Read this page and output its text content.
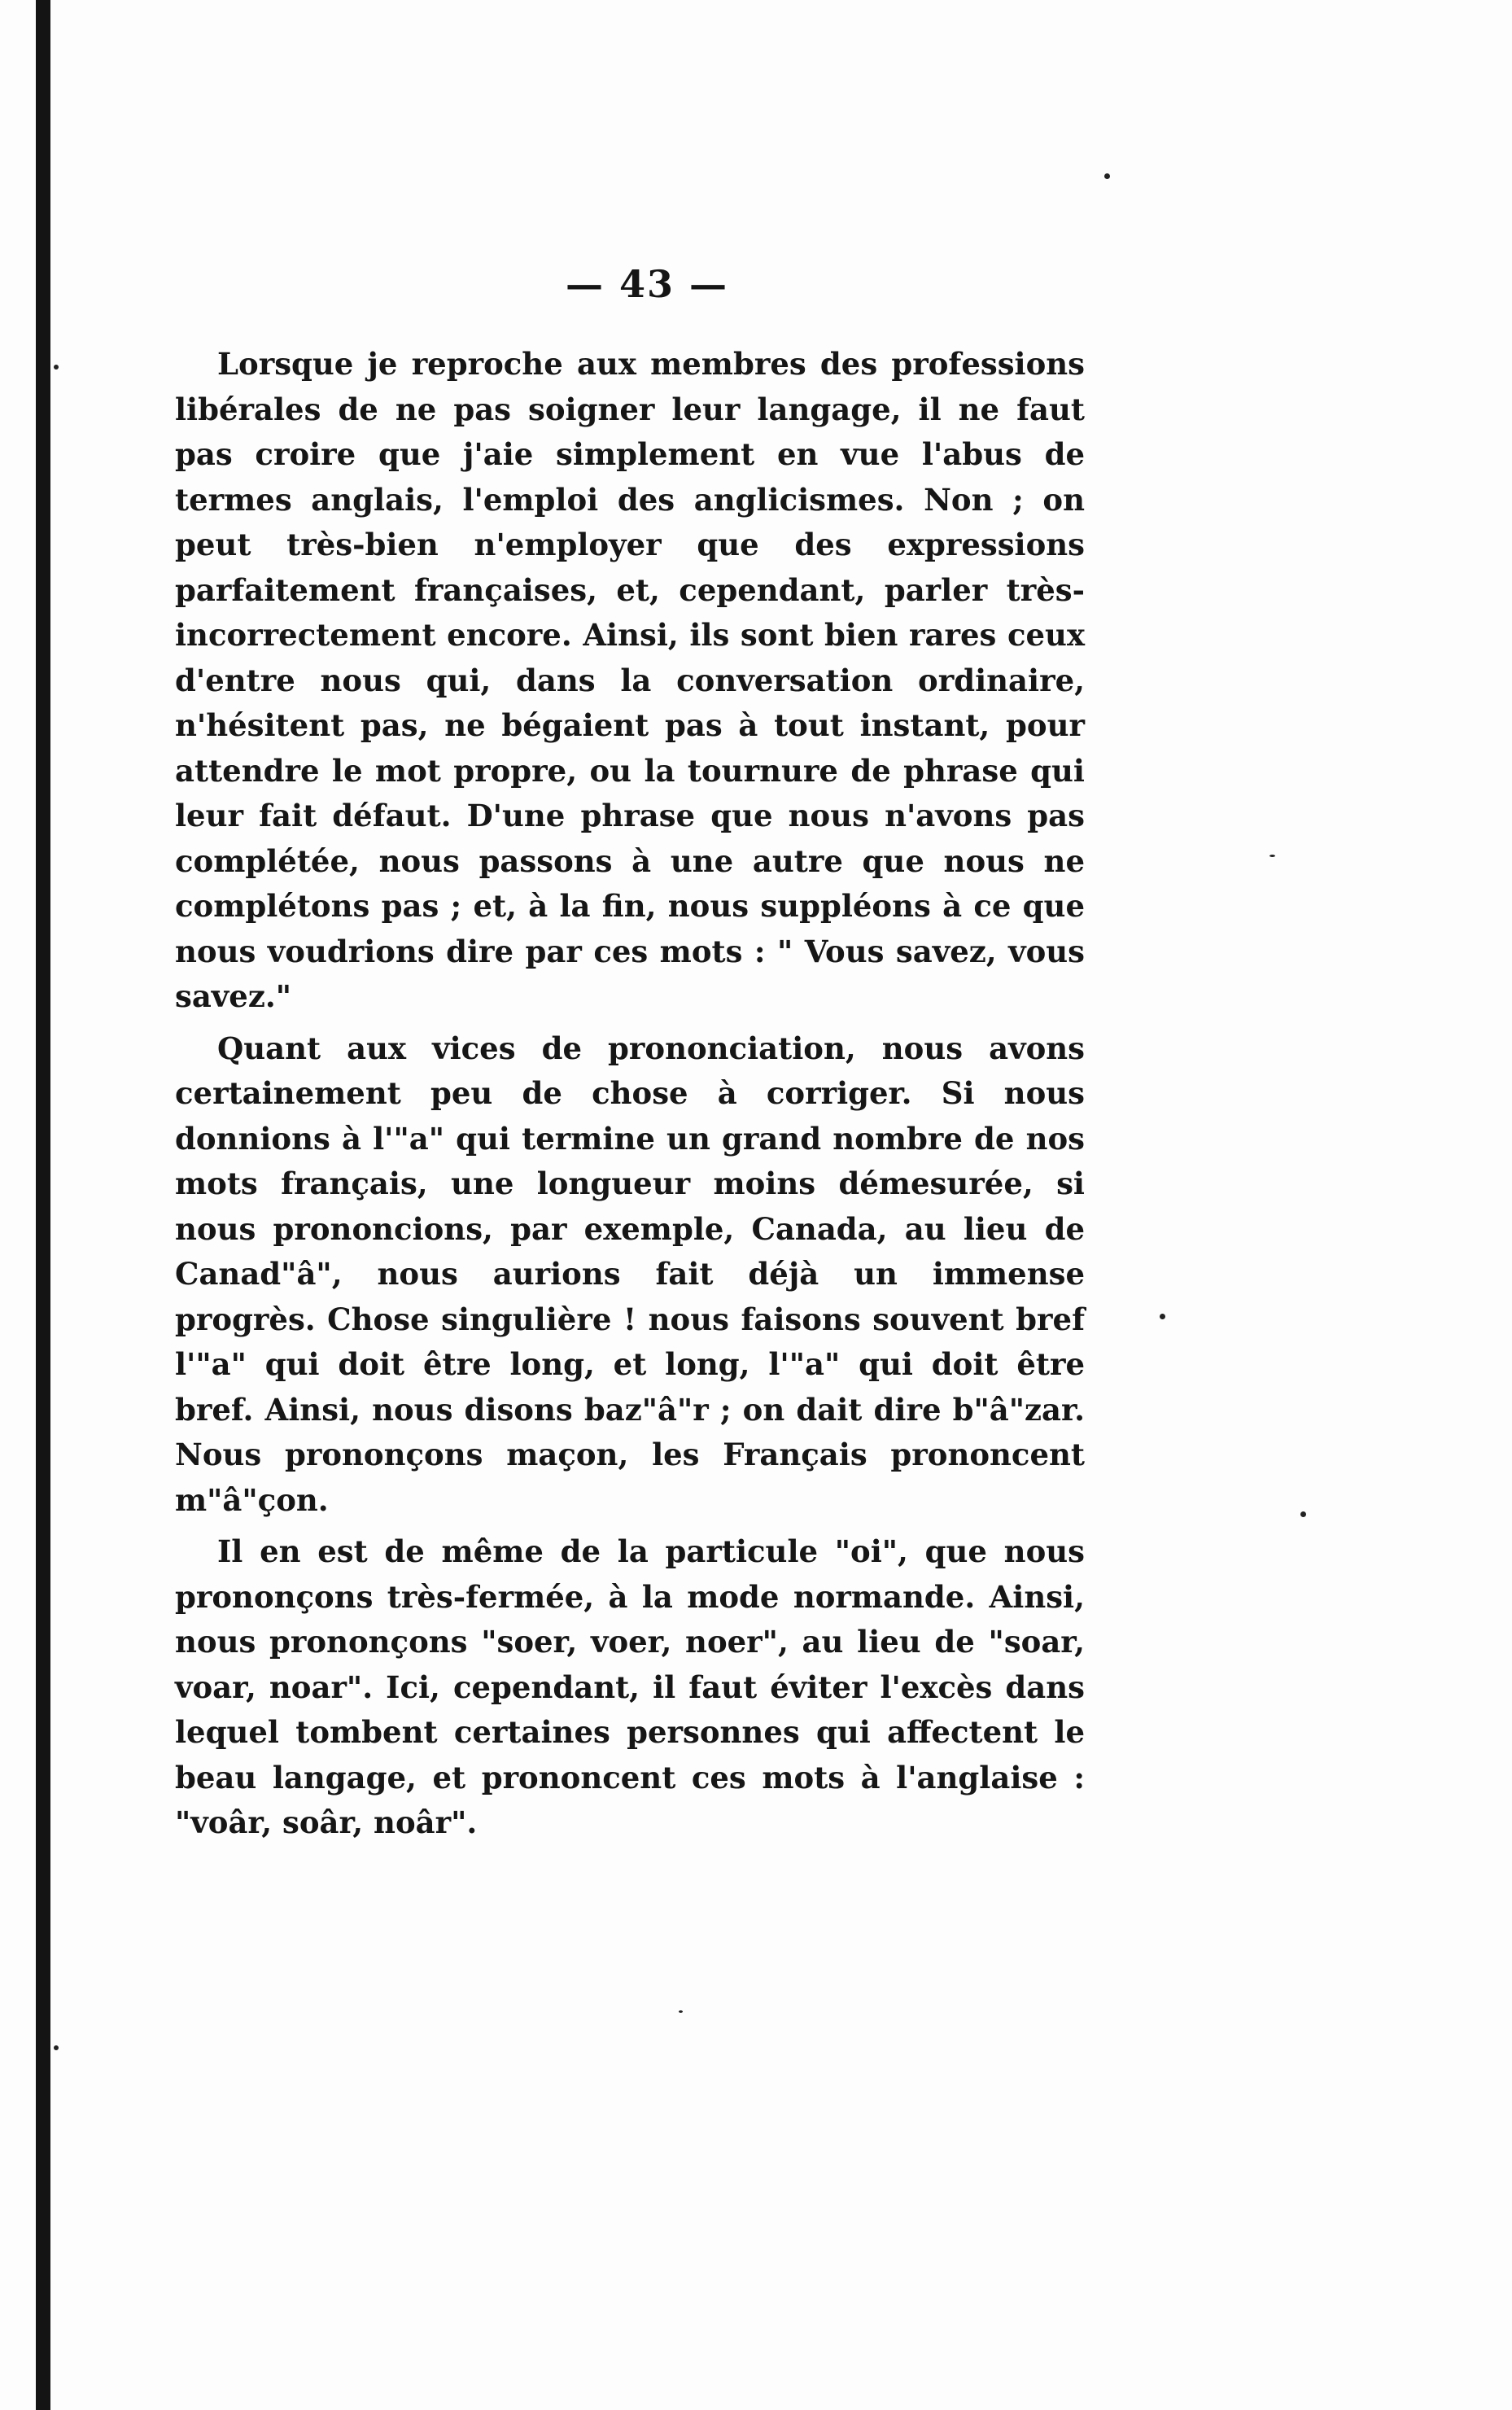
— 43 —

Lorsque je reproche aux membres des professions libérales de ne pas soigner leur langage, il ne faut pas croire que j'aie simplement en vue l'abus de termes anglais, l'emploi des anglicismes. Non ; on peut très-bien n'employer que des expressions parfaitement françaises, et, cependant, parler très-incorrectement encore. Ainsi, ils sont bien rares ceux d'entre nous qui, dans la conversation ordinaire, n'hésitent pas, ne bégaient pas à tout instant, pour attendre le mot propre, ou la tournure de phrase qui leur fait défaut. D'une phrase que nous n'avons pas complétée, nous passons à une autre que nous ne complétons pas ; et, à la fin, nous suppléons à ce que nous voudrions dire par ces mots : " Vous savez, vous savez."

Quant aux vices de prononciation, nous avons certainement peu de chose à corriger. Si nous donnions à l'"a" qui termine un grand nombre de nos mots français, une longueur moins démesurée, si nous prononcions, par exemple, Canada, au lieu de Canad"â", nous aurions fait déjà un immense progrès. Chose singulière ! nous faisons souvent bref l'"a" qui doit être long, et long, l'"a" qui doit être bref. Ainsi, nous disons baz"â"r ; on dait dire b"â"zar. Nous prononçons maçon, les Français prononcent m"â"çon.

Il en est de même de la particule "oi", que nous prononçons très-fermée, à la mode normande. Ainsi, nous prononçons "soer, voer, noer", au lieu de "soar, voar, noar". Ici, cependant, il faut éviter l'excès dans lequel tombent certaines personnes qui affectent le beau langage, et prononcent ces mots à l'anglaise : "voâr, soâr, noâr".
